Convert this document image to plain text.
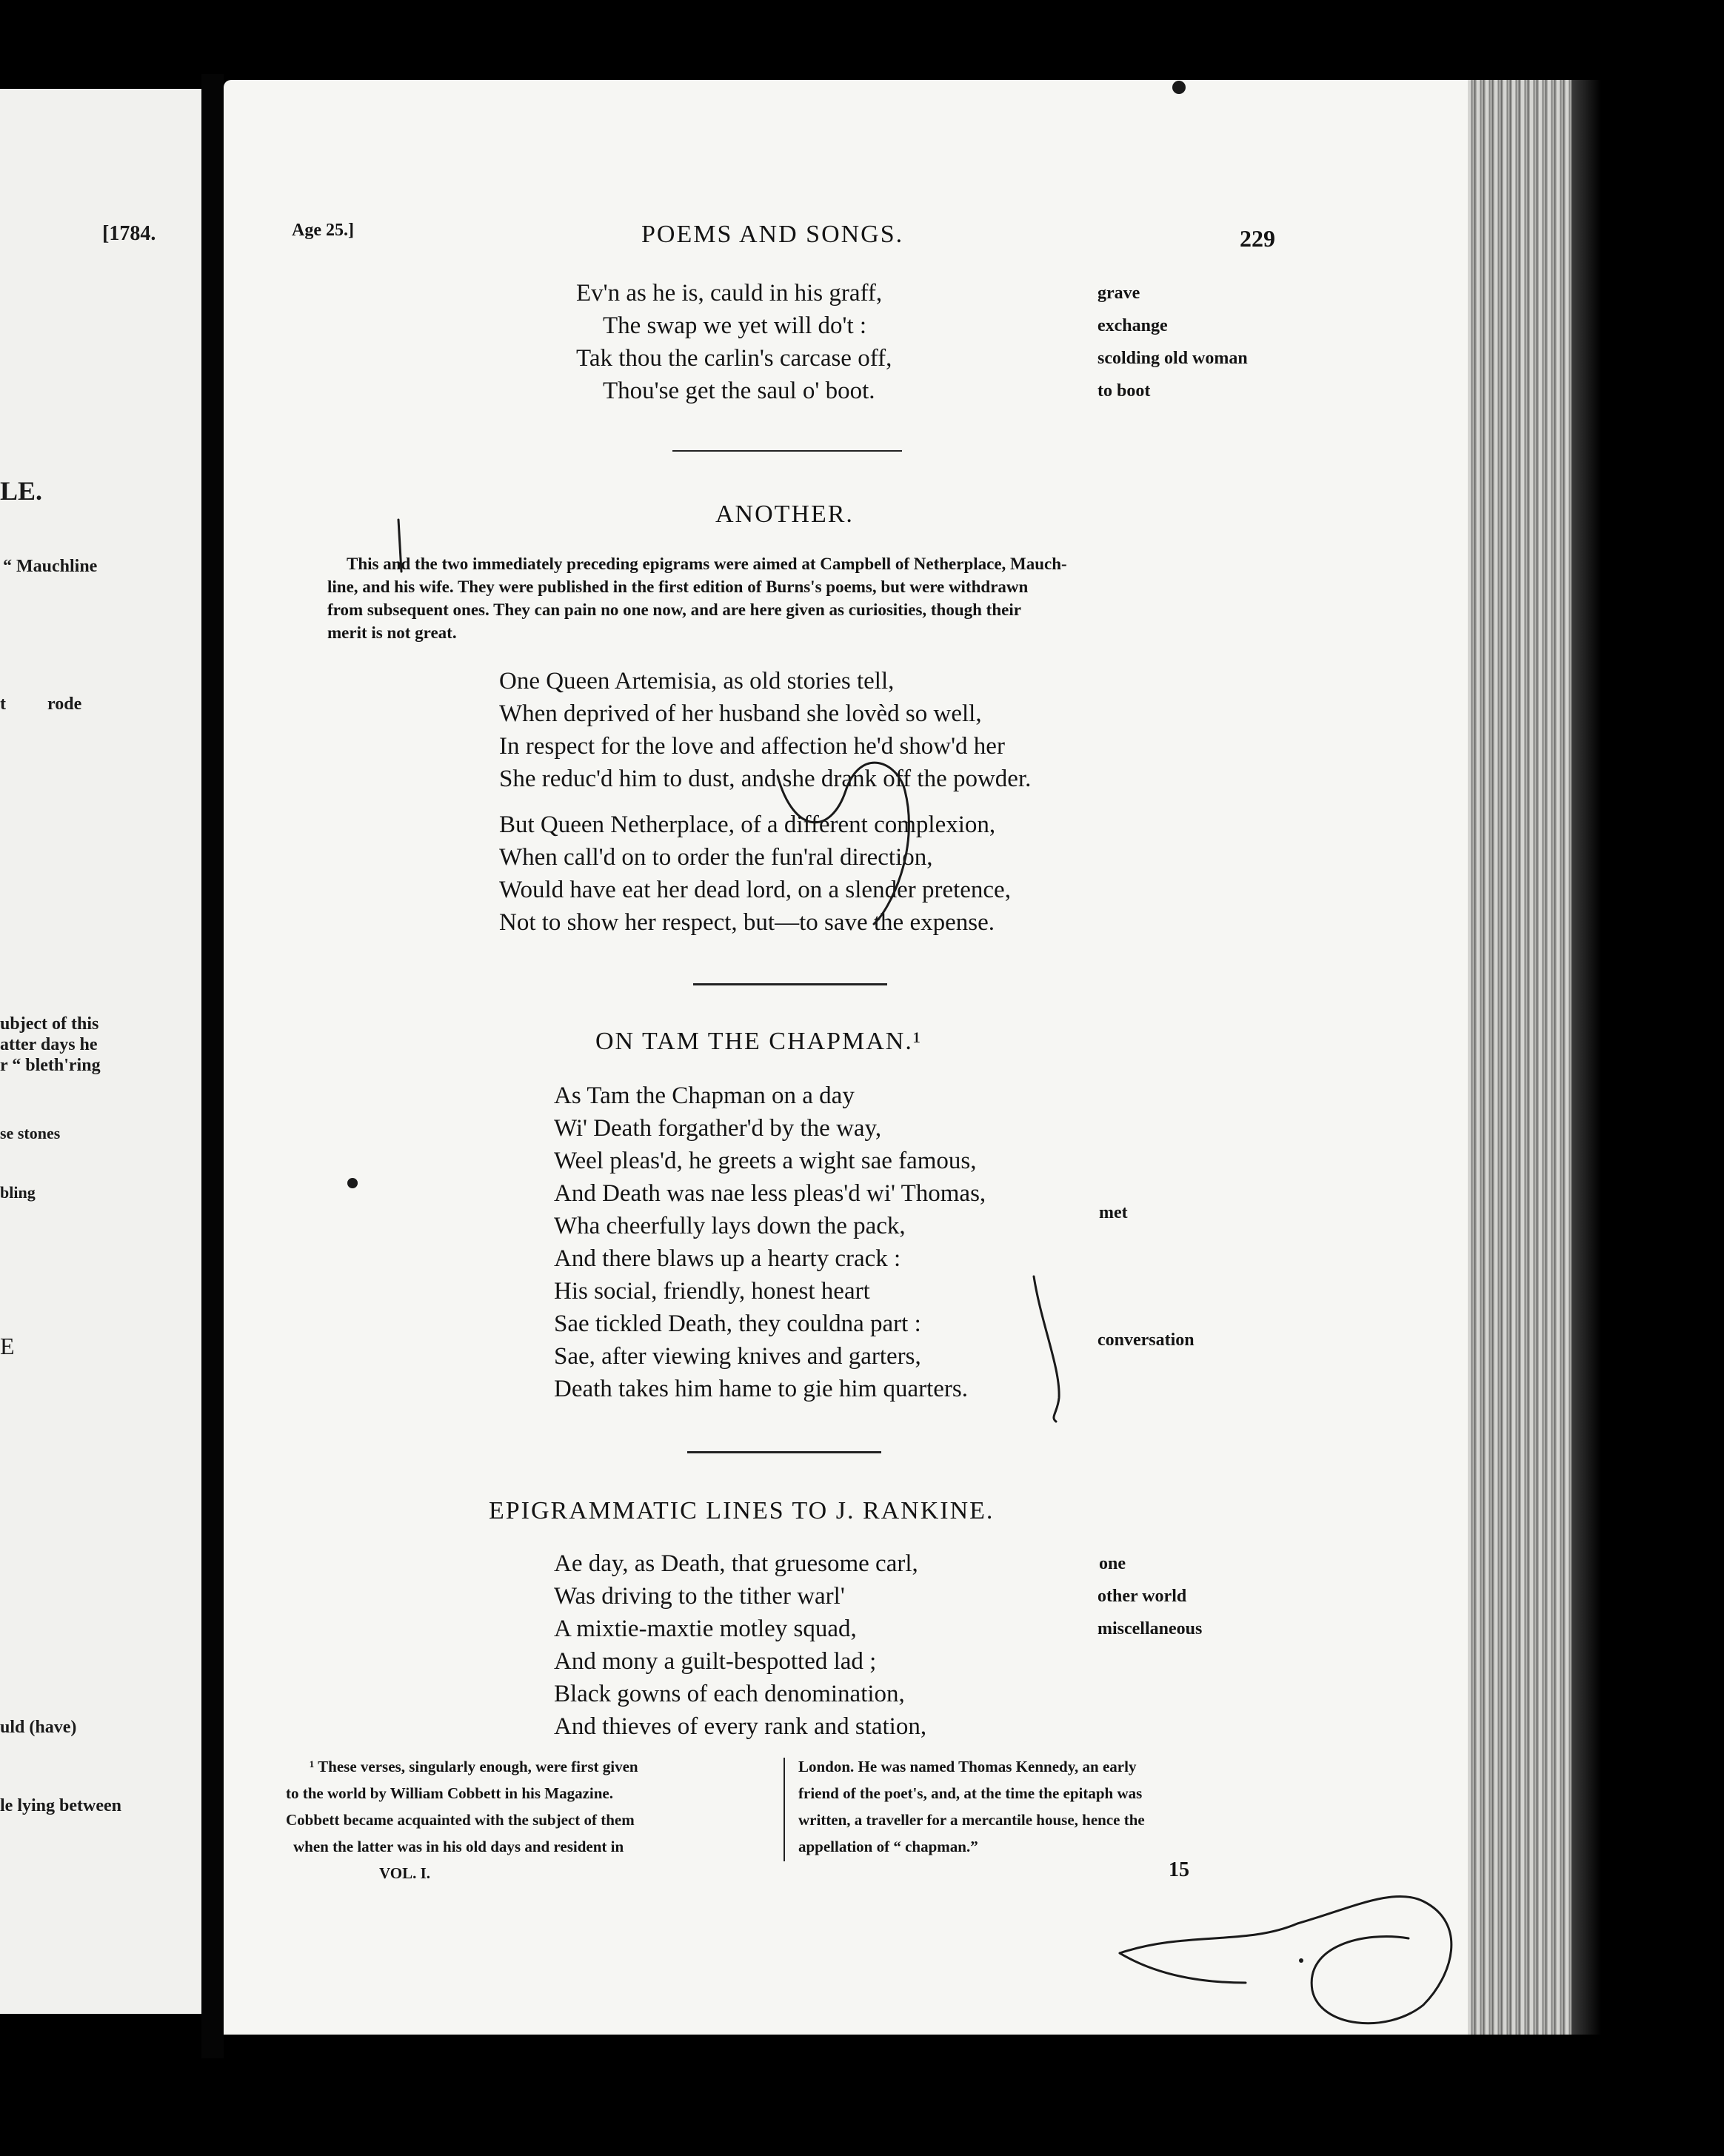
[1784.
LE.
“ Mauchline
t rode
ubject of this
atter days he
r “ bleth'ring
se stones
bling
E
uld (have)
le lying between
Age 25.]	POEMS AND SONGS.	229
Ev'n as he is, cauld in his graff,
The swap we yet will do't :
Tak thou the carlin's carcase off,
Thou'se get the saul o' boot.
grave
exchange
scolding old woman
to boot
ANOTHER.
This and the two immediately preceding epigrams were aimed at Campbell of Netherplace, Mauch-
line, and his wife. They were published in the first edition of Burns's poems, but were withdrawn
from subsequent ones. They can pain no one now, and are here given as curiosities, though their
merit is not great.
One Queen Artemisia, as old stories tell,
When deprived of her husband she lovèd so well,
In respect for the love and affection he'd show'd her
She reduc'd him to dust, and she drank off the powder.
But Queen Netherplace, of a different complexion,
When call'd on to order the fun'ral direction,
Would have eat her dead lord, on a slender pretence,
Not to show her respect, but—to save the expense.
ON TAM THE CHAPMAN.¹
As Tam the Chapman on a day
Wi' Death forgather'd by the way,
Weel pleas'd, he greets a wight sae famous,
And Death was nae less pleas'd wi' Thomas,
Wha cheerfully lays down the pack,
And there blaws up a hearty crack :
His social, friendly, honest heart
Sae tickled Death, they couldna part :
Sae, after viewing knives and garters,
Death takes him hame to gie him quarters.
met
conversation
EPIGRAMMATIC LINES TO J. RANKINE.
Ae day, as Death, that gruesome carl,
Was driving to the tither warl'
A mixtie-maxtie motley squad,
And mony a guilt-bespotted lad ;
Black gowns of each denomination,
And thieves of every rank and station,
one
other world
miscellaneous
¹ These verses, singularly enough, were first given
to the world by William Cobbett in his Magazine.
Cobbett became acquainted with the subject of them
when the latter was in his old days and resident in
London. He was named Thomas Kennedy, an early
friend of the poet's, and, at the time the epitaph was
written, a traveller for a mercantile house, hence the
appellation of “ chapman.”
VOL. I.	15
